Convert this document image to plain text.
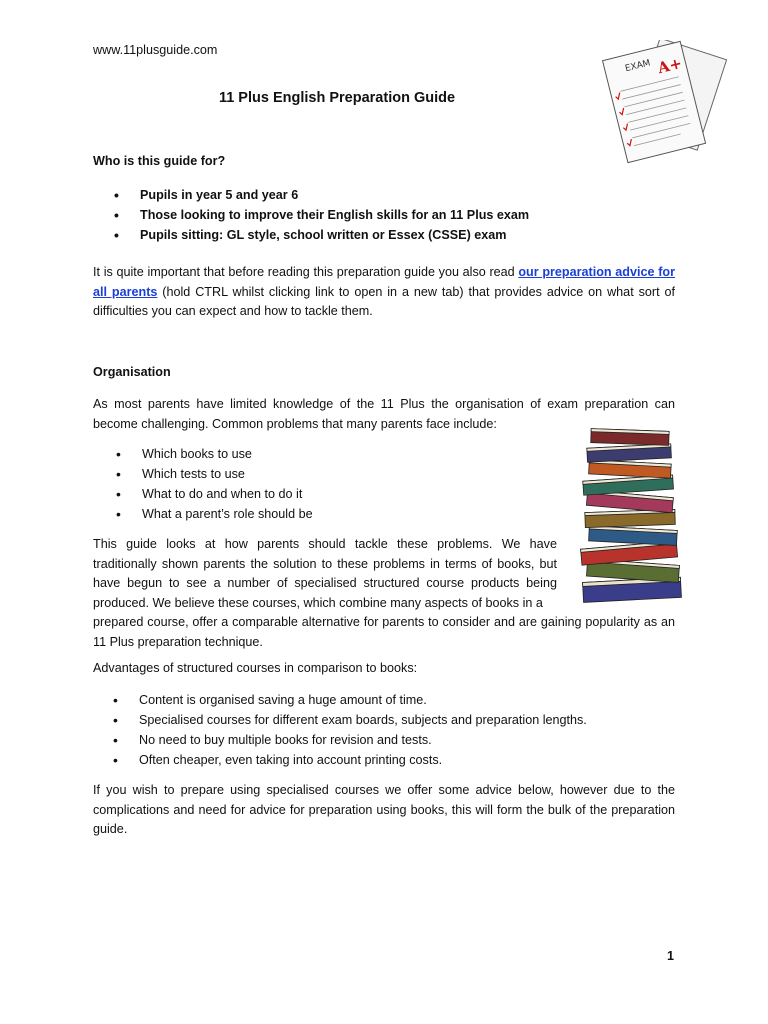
www.11plusguide.com
11 Plus English Preparation Guide
EXAM A+
Who is this guide for?
• Pupils in year 5 and year 6
• Those looking to improve their English skills for an 11 Plus exam
• Pupils sitting: GL style, school written or Essex (CSSE) exam
It is quite important that before reading this preparation guide you also read our preparation advice for all parents (hold CTRL whilst clicking link to open in a new tab) that provides advice on what sort of difficulties you can expect and how to tackle them.
Organisation
As most parents have limited knowledge of the 11 Plus the organisation of exam preparation can become challenging. Common problems that many parents face include:
• Which books to use
• Which tests to use
• What to do and when to do it
• What a parent’s role should be
This guide looks at how parents should tackle these problems. We have traditionally shown parents the solution to these problems in terms of books, but have begun to see a number of specialised structured course products being produced. We believe these courses, which combine many aspects of books in a
prepared course, offer a comparable alternative for parents to consider and are gaining popularity as an 11 Plus preparation technique.
Advantages of structured courses in comparison to books:
• Content is organised saving a huge amount of time.
• Specialised courses for different exam boards, subjects and preparation lengths.
• No need to buy multiple books for revision and tests.
• Often cheaper, even taking into account printing costs.
If you wish to prepare using specialised courses we offer some advice below, however due to the complications and need for advice for preparation using books, this will form the bulk of the preparation guide.
1
